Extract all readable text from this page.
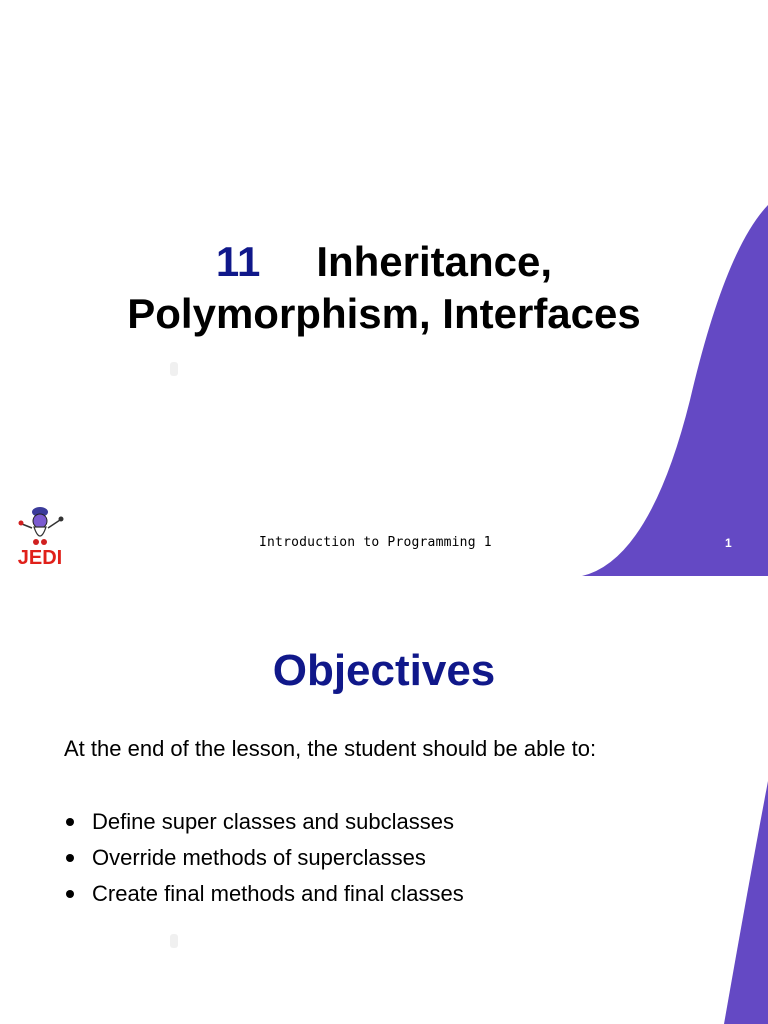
11 Inheritance,
Polymorphism, Interfaces
JEDI
Introduction to Programming 1	1
Objectives
At the end of the lesson, the student should be able to:
Define super classes and subclasses
Override methods of superclasses
Create final methods and final classes
